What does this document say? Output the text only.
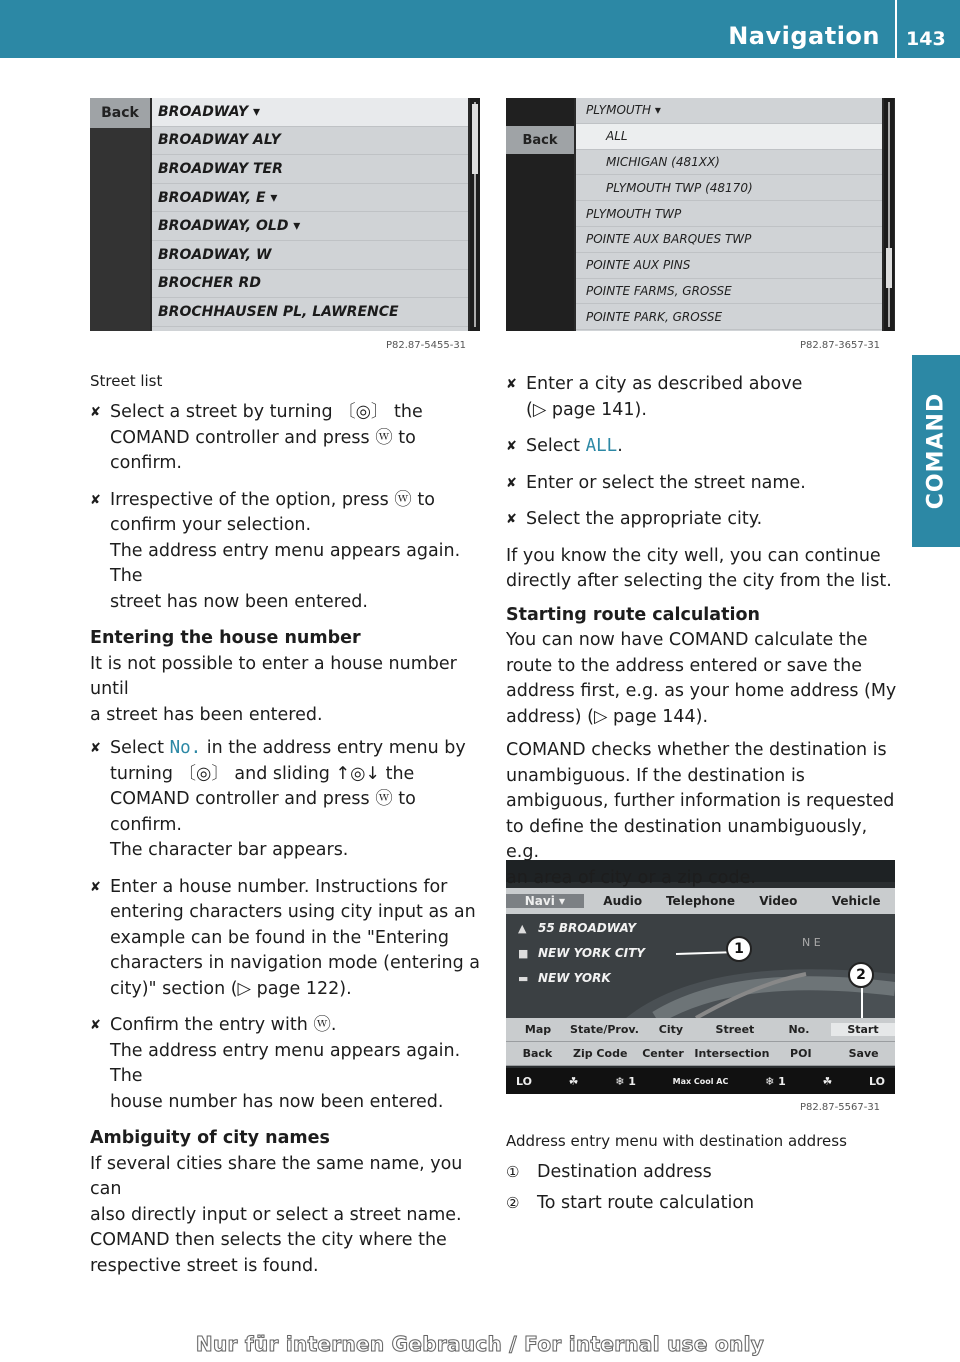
Navigation 143
COMAND
Back	BROADWAY ▾
BROADWAY ALY
BROADWAY TER
BROADWAY, E ▾
BROADWAY, OLD ▾
BROADWAY, W
BROCHER RD
BROCHHAUSEN PL, LAWRENCE
P82.87-5455-31
Back
PLYMOUTH ▾
ALL
MICHIGAN (481XX)
PLYMOUTH TWP (48170)
PLYMOUTH TWP
POINTE AUX BARQUES TWP
POINTE AUX PINS
POINTE FARMS, GROSSE
POINTE PARK, GROSSE
P82.87-3657-31
Navi ▾	Audio	Telephone	Video	Vehicle
▲ 55 BROADWAY
■ NEW YORK CITY
▬ NEW YORK
N E
1
2
Map	State/Prov.	City	Street	No.	Start
Back	Zip Code	Center Intersection	POI	Save
LO	☘	❄ 1	Max Cool AC	❄ 1	☘	LO
P82.87-5567-31
Street list
✘ Select a street by turning 〔◎〕 the

COMAND controller and press ⓦ to

confirm.

✘ Irrespective of the option, press ⓦ to

confirm your selection.

The address entry menu appears again. The

street has now been entered.

Entering the house number

It is not possible to enter a house number until

a street has been entered.

✘ Select No. in the address entry menu by

turning 〔◎〕 and sliding ↑◎↓ the

COMAND controller and press ⓦ to

confirm.

The character bar appears.

✘ Enter a house number. Instructions for

entering characters using city input as an

example can be found in the "Entering

characters in navigation mode (entering a

city)" section (▷ page 122).

✘ Confirm the entry with ⓦ.

The address entry menu appears again. The

house number has now been entered.

Ambiguity of city names

If several cities share the same name, you can

also directly input or select a street name.

COMAND then selects the city where the

respective street is found.

✘ Enter a city as described above

(▷ page 141).

✘ Select ALL.

✘ Enter or select the street name.

✘ Select the appropriate city.

If you know the city well, you can continue

directly after selecting the city from the list.

Starting route calculation

You can now have COMAND calculate the

route to the address entered or save the

address first, e.g. as your home address (My

address) (▷ page 144).

COMAND checks whether the destination is

unambiguous. If the destination is

ambiguous, further information is requested

to define the destination unambiguously, e.g.

an area of city or a zip code.

Address entry menu with destination address
① Destination address
② To start route calculation
Nur für internen Gebrauch / For internal use only
